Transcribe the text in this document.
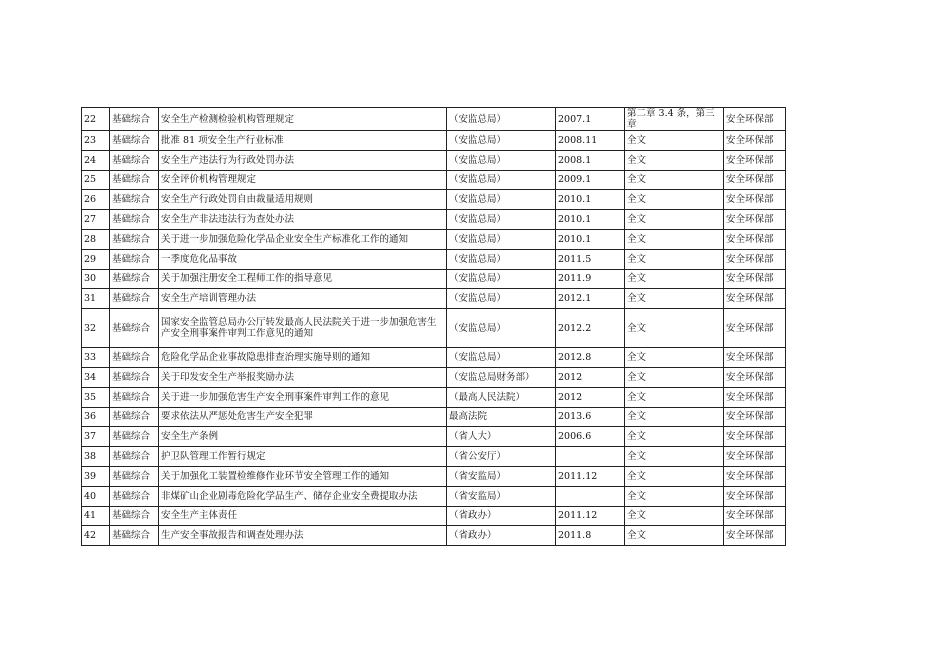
22	基础综合	安全生产检测检验机构管理规定	（安监总局）	2007.1	第二章 3.4 条，第三章	安全环保部
23	基础综合	批准 81 项安全生产行业标准	（安监总局）	2008.11	全文	安全环保部
24	基础综合	安全生产违法行为行政处罚办法	（安监总局）	2008.1	全文	安全环保部
25	基础综合	安全评价机构管理规定	（安监总局）	2009.1	全文	安全环保部
26	基础综合	安全生产行政处罚自由裁量适用规则	（安监总局）	2010.1	全文	安全环保部
27	基础综合	安全生产非法违法行为查处办法	（安监总局）	2010.1	全文	安全环保部
28	基础综合	关于进一步加强危险化学品企业安全生产标准化工作的通知	（安监总局）	2010.1	全文	安全环保部
29	基础综合	一季度危化品事故	（安监总局）	2011.5	全文	安全环保部
30	基础综合	关于加强注册安全工程师工作的指导意见	（安监总局）	2011.9	全文	安全环保部
31	基础综合	安全生产培训管理办法	（安监总局）	2012.1	全文	安全环保部
32	基础综合	国家安全监管总局办公厅转发最高人民法院关于进一步加强危害生产安全刑事案件审判工作意见的通知	（安监总局）	2012.2	全文	安全环保部
33	基础综合	危险化学品企业事故隐患排查治理实施导则的通知	（安监总局）	2012.8	全文	安全环保部
34	基础综合	关于印发安全生产举报奖励办法	（安监总局财务部）	2012	全文	安全环保部
35	基础综合	关于进一步加强危害生产安全刑事案件审判工作的意见	（最高人民法院）	2012	全文	安全环保部
36	基础综合	要求依法从严惩处危害生产安全犯罪	最高法院	2013.6	全文	安全环保部
37	基础综合	安全生产条例	（省人大）	2006.6	全文	安全环保部
38	基础综合	护卫队管理工作暂行规定	（省公安厅）		全文	安全环保部
39	基础综合	关于加强化工装置检维修作业环节安全管理工作的通知	（省安监局）	2011.12	全文	安全环保部
40	基础综合	非煤矿山企业剧毒危险化学品生产、储存企业安全费提取办法	（省安监局）		全文	安全环保部
41	基础综合	安全生产主体责任	（省政办）	2011.12	全文	安全环保部
42	基础综合	生产安全事故报告和调查处理办法	（省政办）	2011.8	全文	安全环保部
